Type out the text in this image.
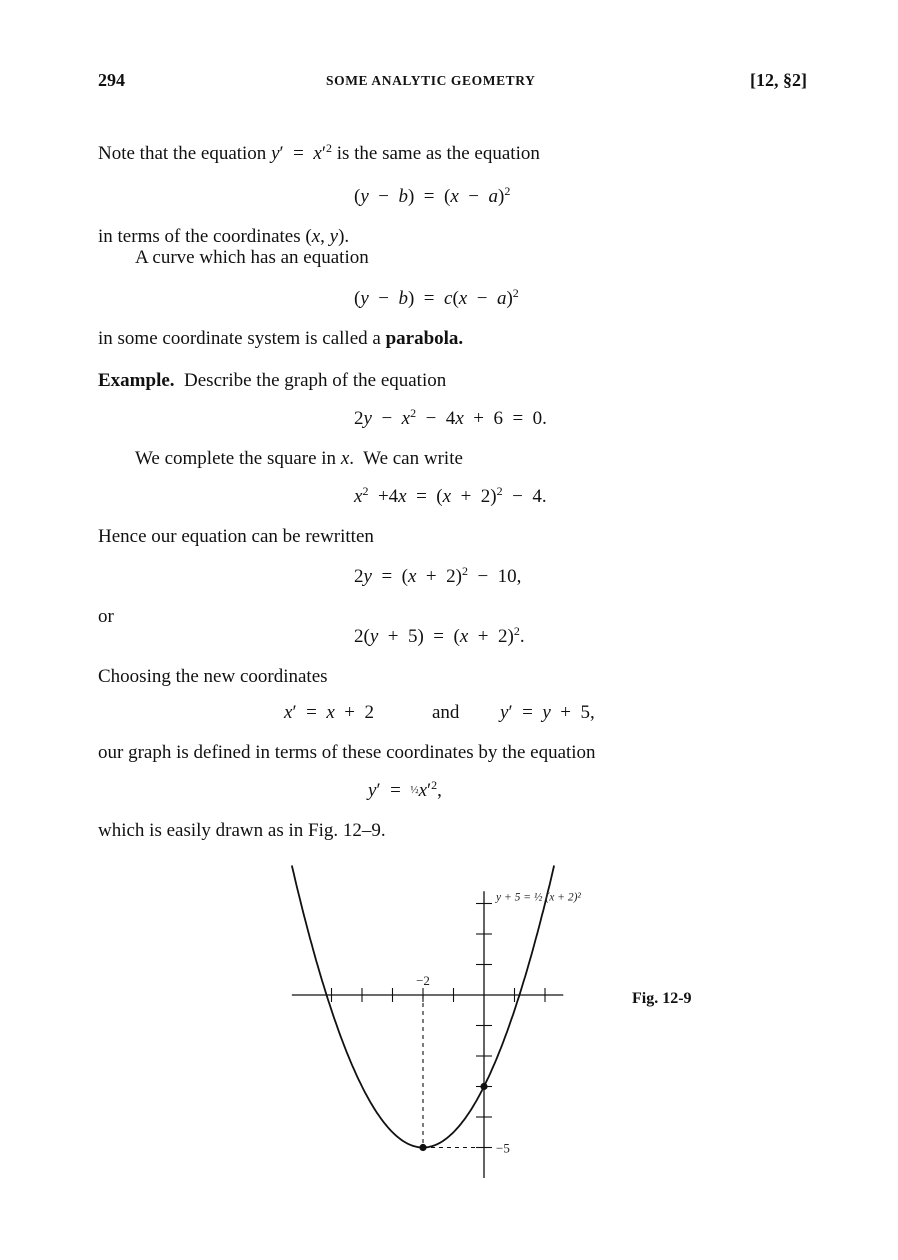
294	SOME ANALYTIC GEOMETRY	[12, §2]
Note that the equation $y' = x'^2$ is the same as the equation
$(y - b) = (x - a)^2$
in terms of the coordinates (x, y).
A curve which has an equation
$(y - b) = c(x - a)^2$
in some coordinate system is called a parabola.
Example.  Describe the graph of the equation
$2y - x^2 - 4x + 6 = 0$.
We complete the square in x.  We can write
$x^2 +4x = (x + 2)^2 - 4$.
Hence our equation can be rewritten
$2y = (x + 2)^2 - 10$,
or
$2(y + 5) = (x + 2)^2$.
Choosing the new coordinates
x′  =  x  +  2	and y′  =  y  +  5,
our graph is defined in terms of these coordinates by the equation
$y' = \frac{1}{2}x'^2$,
which is easily drawn as in Fig. 12–9.
y + 5 = ½ (x + 2)²
−2
−5
Fig. 12-9
